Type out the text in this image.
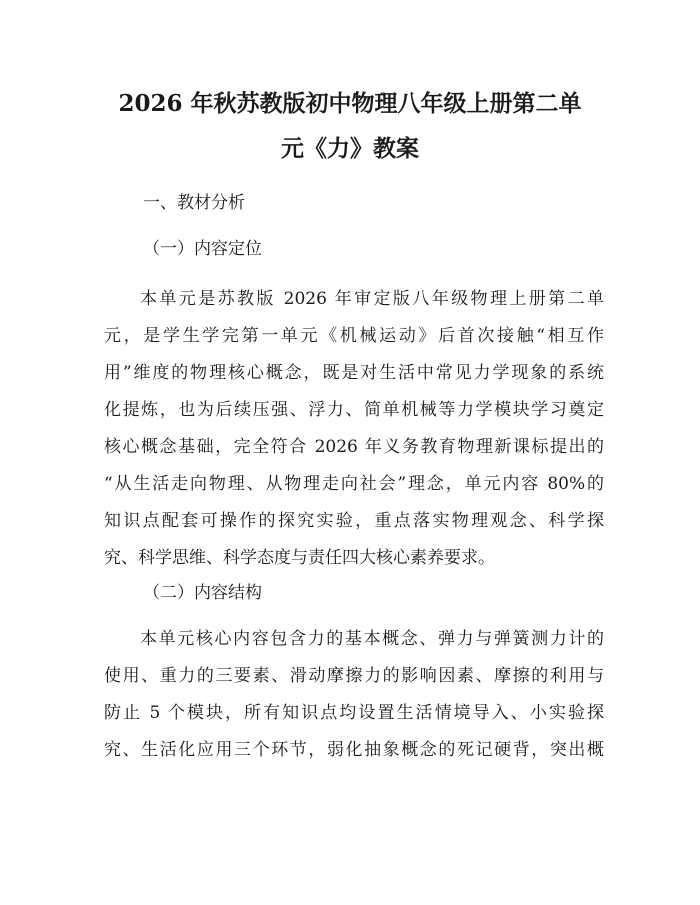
2026 年秋苏教版初中物理八年级上册第二单
元《力》教案
一、教材分析
（一）内容定位
本单元是苏教版 2026 年审定版八年级物理上册第二单
元，是学生学完第一单元《机械运动》后首次接触“相互作
用”维度的物理核心概念，既是对生活中常见力学现象的系统
化提炼，也为后续压强、浮力、简单机械等力学模块学习奠定
核心概念基础，完全符合 2026 年义务教育物理新课标提出的
“从生活走向物理、从物理走向社会”理念，单元内容 80%的
知识点配套可操作的探究实验，重点落实物理观念、科学探
究、科学思维、科学态度与责任四大核心素养要求。
（二）内容结构
本单元核心内容包含力的基本概念、弹力与弹簧测力计的
使用、重力的三要素、滑动摩擦力的影响因素、摩擦的利用与
防止 5 个模块，所有知识点均设置生活情境导入、小实验探
究、生活化应用三个环节，弱化抽象概念的死记硬背，突出概
